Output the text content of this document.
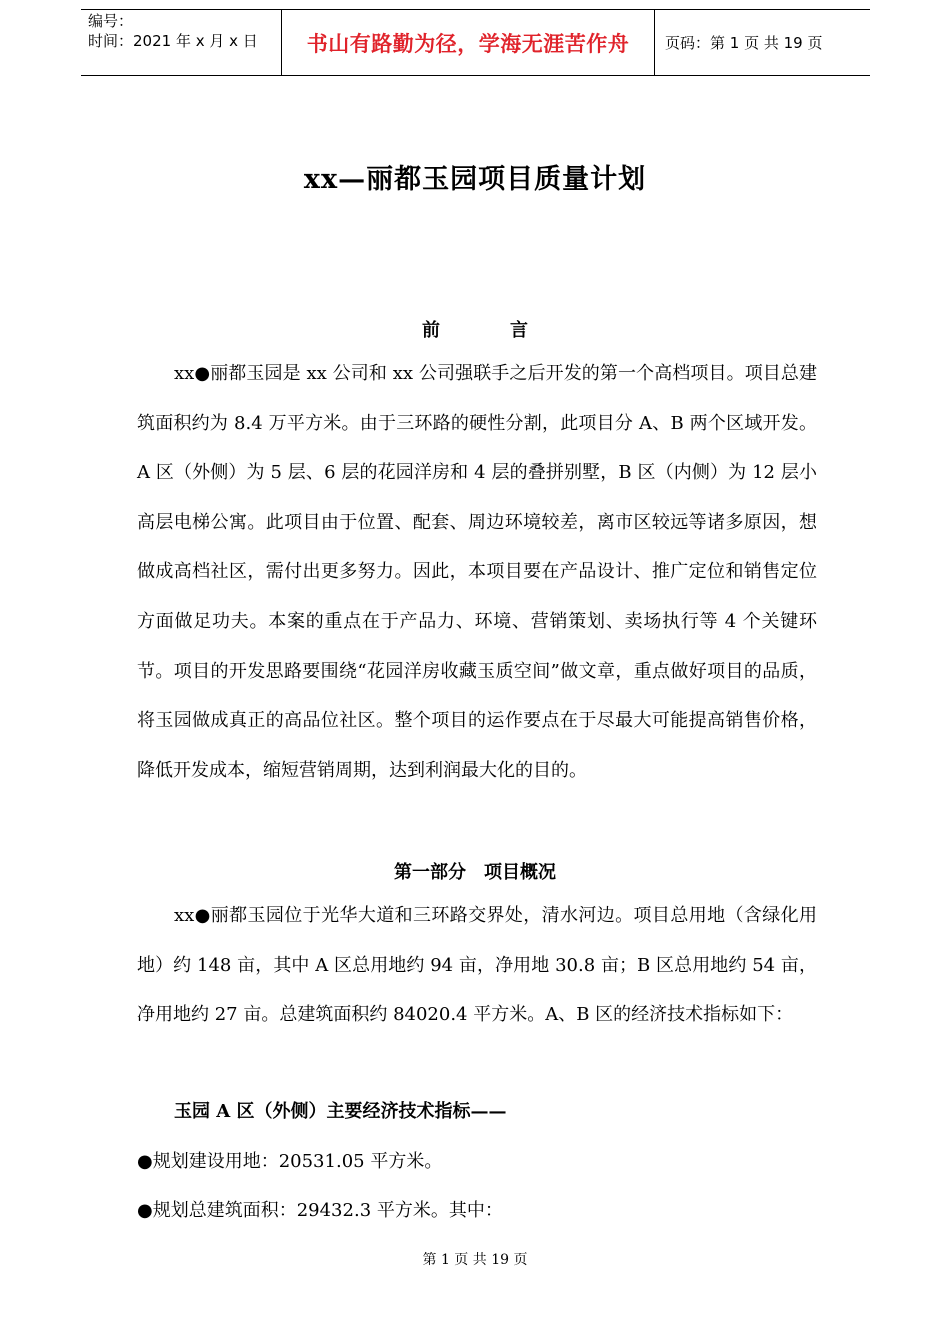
编号：
时间：2021 年 x 月 x 日 书山有路勤为径，学海无涯苦作舟 页码：第 1 页 共 19 页
xx—丽都玉园项目质量计划
前	言

xx●丽都玉园是 xx 公司和 xx 公司强联手之后开发的第一个高档项目。项目总建筑面积约为 8.4 万平方米。由于三环路的硬性分割，此项目分 A、B 两个区域开发。A 区（外侧）为 5 层、6 层的花园洋房和 4 层的叠拼别墅，B 区（内侧）为 12 层小高层电梯公寓。此项目由于位置、配套、周边环境较差，离市区较远等诸多原因，想做成高档社区，需付出更多努力。因此，本项目要在产品设计、推广定位和销售定位方面做足功夫。本案的重点在于产品力、环境、营销策划、卖场执行等 4 个关键环节。项目的开发思路要围绕“花园洋房收藏玉质空间”做文章，重点做好项目的品质，将玉园做成真正的高品位社区。整个项目的运作要点在于尽最大可能提高销售价格，降低开发成本，缩短营销周期，达到利润最大化的目的。

第一部分　项目概况

xx●丽都玉园位于光华大道和三环路交界处，清水河边。项目总用地（含绿化用地）约 148 亩，其中 A 区总用地约 94 亩，净用地 30.8 亩；B 区总用地约 54 亩，净用地约 27 亩。总建筑面积约 84020.4 平方米。A、B 区的经济技术指标如下：

玉园 A 区（外侧）主要经济技术指标——
●规划建设用地：20531.05 平方米。
●规划总建筑面积：29432.3 平方米。其中：
第 1 页 共 19 页
